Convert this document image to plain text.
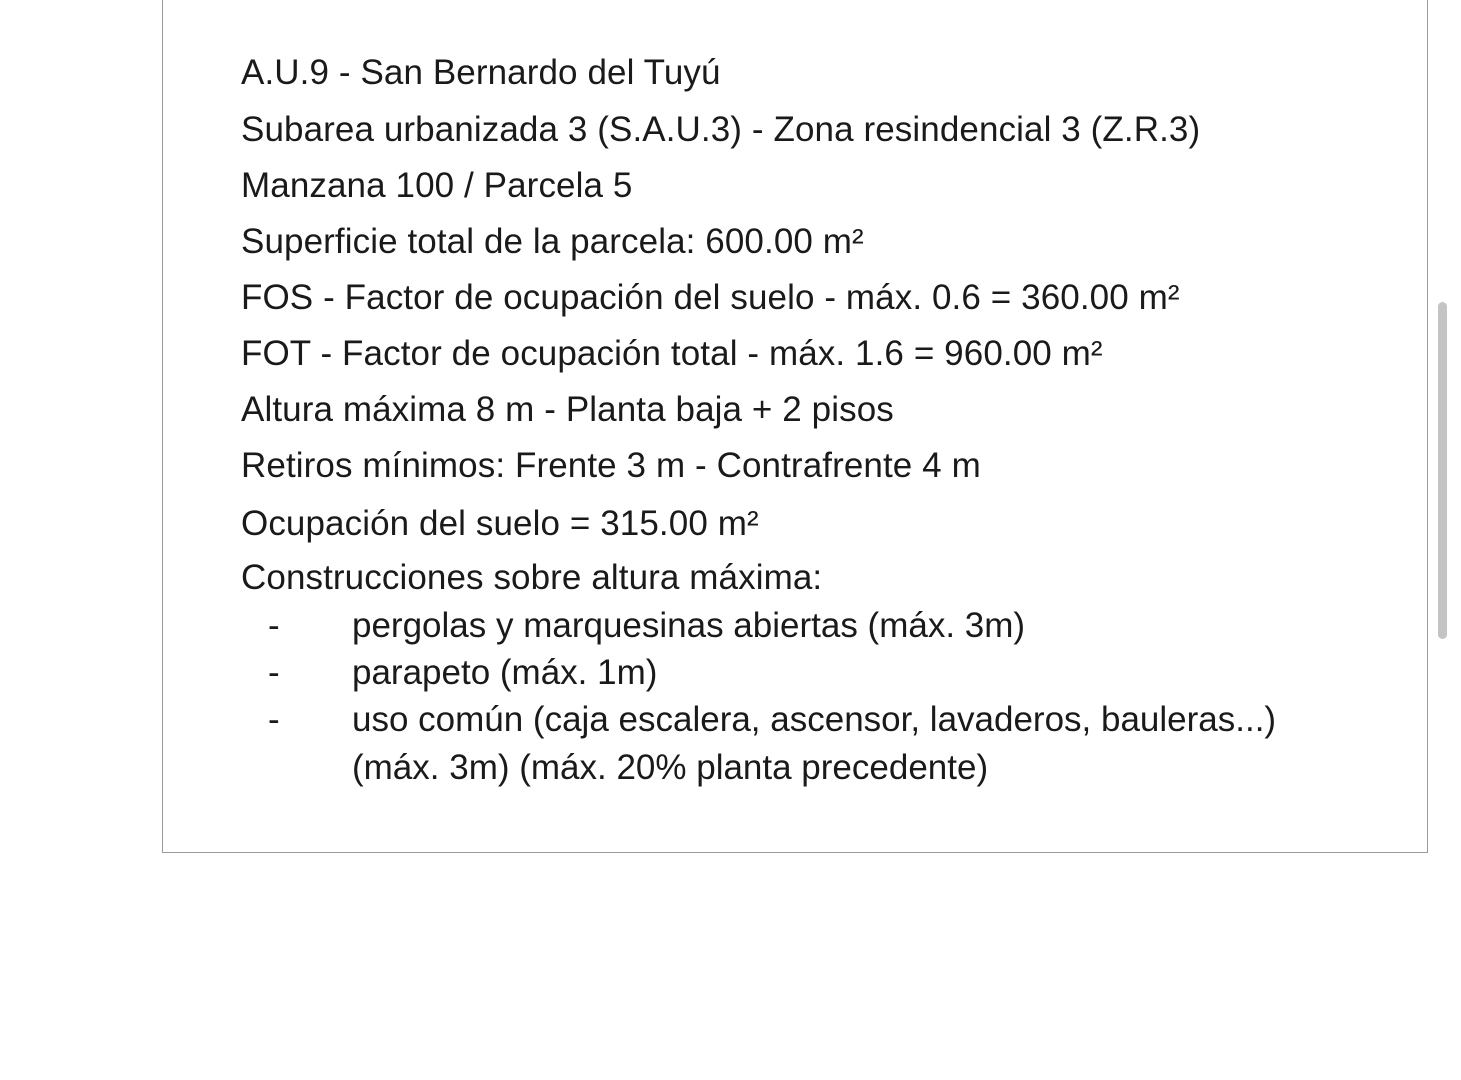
A.U.9 - San Bernardo del Tuyú
Subarea urbanizada 3 (S.A.U.3) - Zona resindencial 3 (Z.R.3)
Manzana 100 / Parcela 5
Superficie total de la parcela: 600.00 m²
FOS - Factor de ocupación del suelo - máx. 0.6 = 360.00 m²
FOT - Factor de ocupación total - máx. 1.6 = 960.00 m²
Altura máxima 8 m - Planta baja + 2 pisos
Retiros mínimos: Frente 3 m - Contrafrente 4 m
Ocupación del suelo = 315.00 m²
Construcciones sobre altura máxima:
- pergolas y marquesinas abiertas (máx. 3m)
- parapeto (máx. 1m)
- uso común (caja escalera, ascensor, lavaderos, bauleras...)
(máx. 3m) (máx. 20% planta precedente)
